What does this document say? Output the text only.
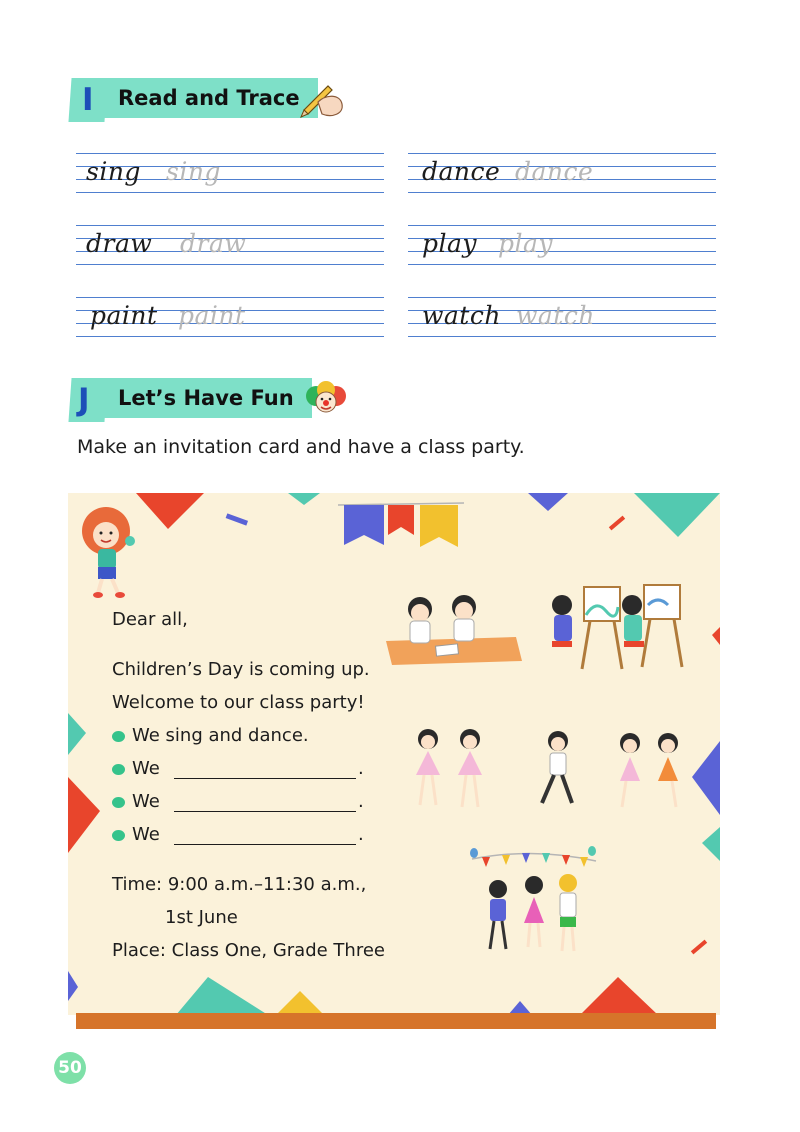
I	Read and Trace
sing sing	dance dance
draw draw	play play
paint paint	watch watch
J	Let’s Have Fun
Make an invitation card and have a class party.
Dear all,
Children’s Day is coming up.
Welcome to our class party!
We sing and dance.
We	.
We	.
We	.
Time: 9:00 a.m.–11:30 a.m.,
1st June
Place: Class One, Grade Three
50
